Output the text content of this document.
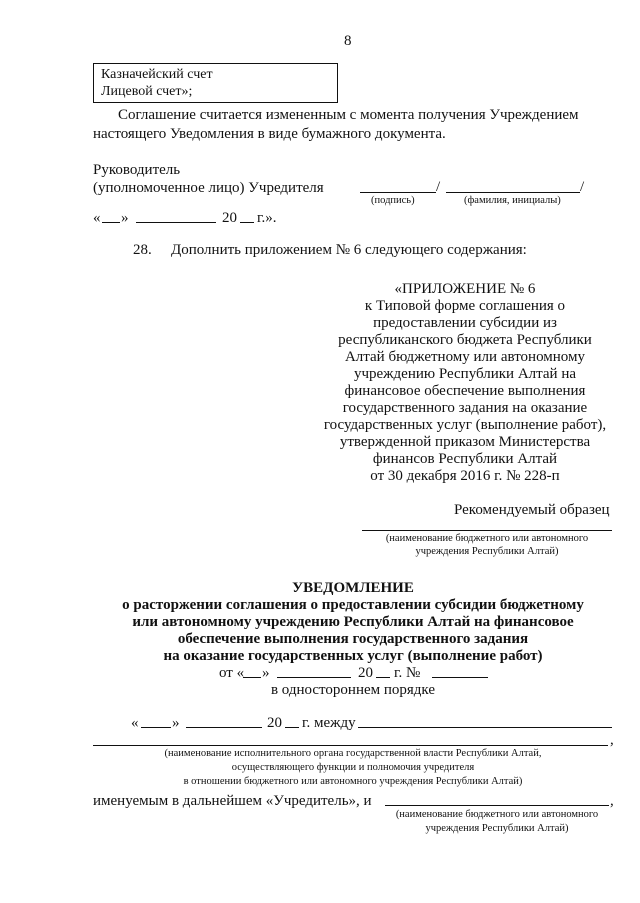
8
Казначейский счет
Лицевой счет»;
Соглашение считается измененным с момента получения Учреждением
настоящего Уведомления в виде бумажного документа.
Руководитель
(уполномоченное лицо) Учредителя	/	/
(подпись)	(фамилия, инициалы)
« »	20 г.».
28. Дополнить приложением № 6 следующего содержания:
«ПРИЛОЖЕНИЕ № 6
к Типовой форме соглашения о
предоставлении субсидии из
республиканского бюджета Республики
Алтай бюджетному или автономному
учреждению Республики Алтай на
финансовое обеспечение выполнения
государственного задания на оказание
государственных услуг (выполнение работ),
утвержденной приказом Министерства
финансов Республики Алтай
от 30 декабря 2016 г. № 228-п
Рекомендуемый образец
(наименование бюджетного или автономного
учреждения Республики Алтай)
УВЕДОМЛЕНИЕ
о расторжении соглашения о предоставлении субсидии бюджетному
или автономному учреждению Республики Алтай на финансовое
обеспечение выполнения государственного задания
на оказание государственных услуг (выполнение работ)
от « »	20 г. №
в одностороннем порядке
« »	20 г. между
,
(наименование исполнительного органа государственной власти Республики Алтай,
осуществляющего функции и полномочия учредителя
в отношении бюджетного или автономного учреждения Республики Алтай)
именуемым в дальнейшем «Учредитель», и	,
(наименование бюджетного или автономного
учреждения Республики Алтай)
